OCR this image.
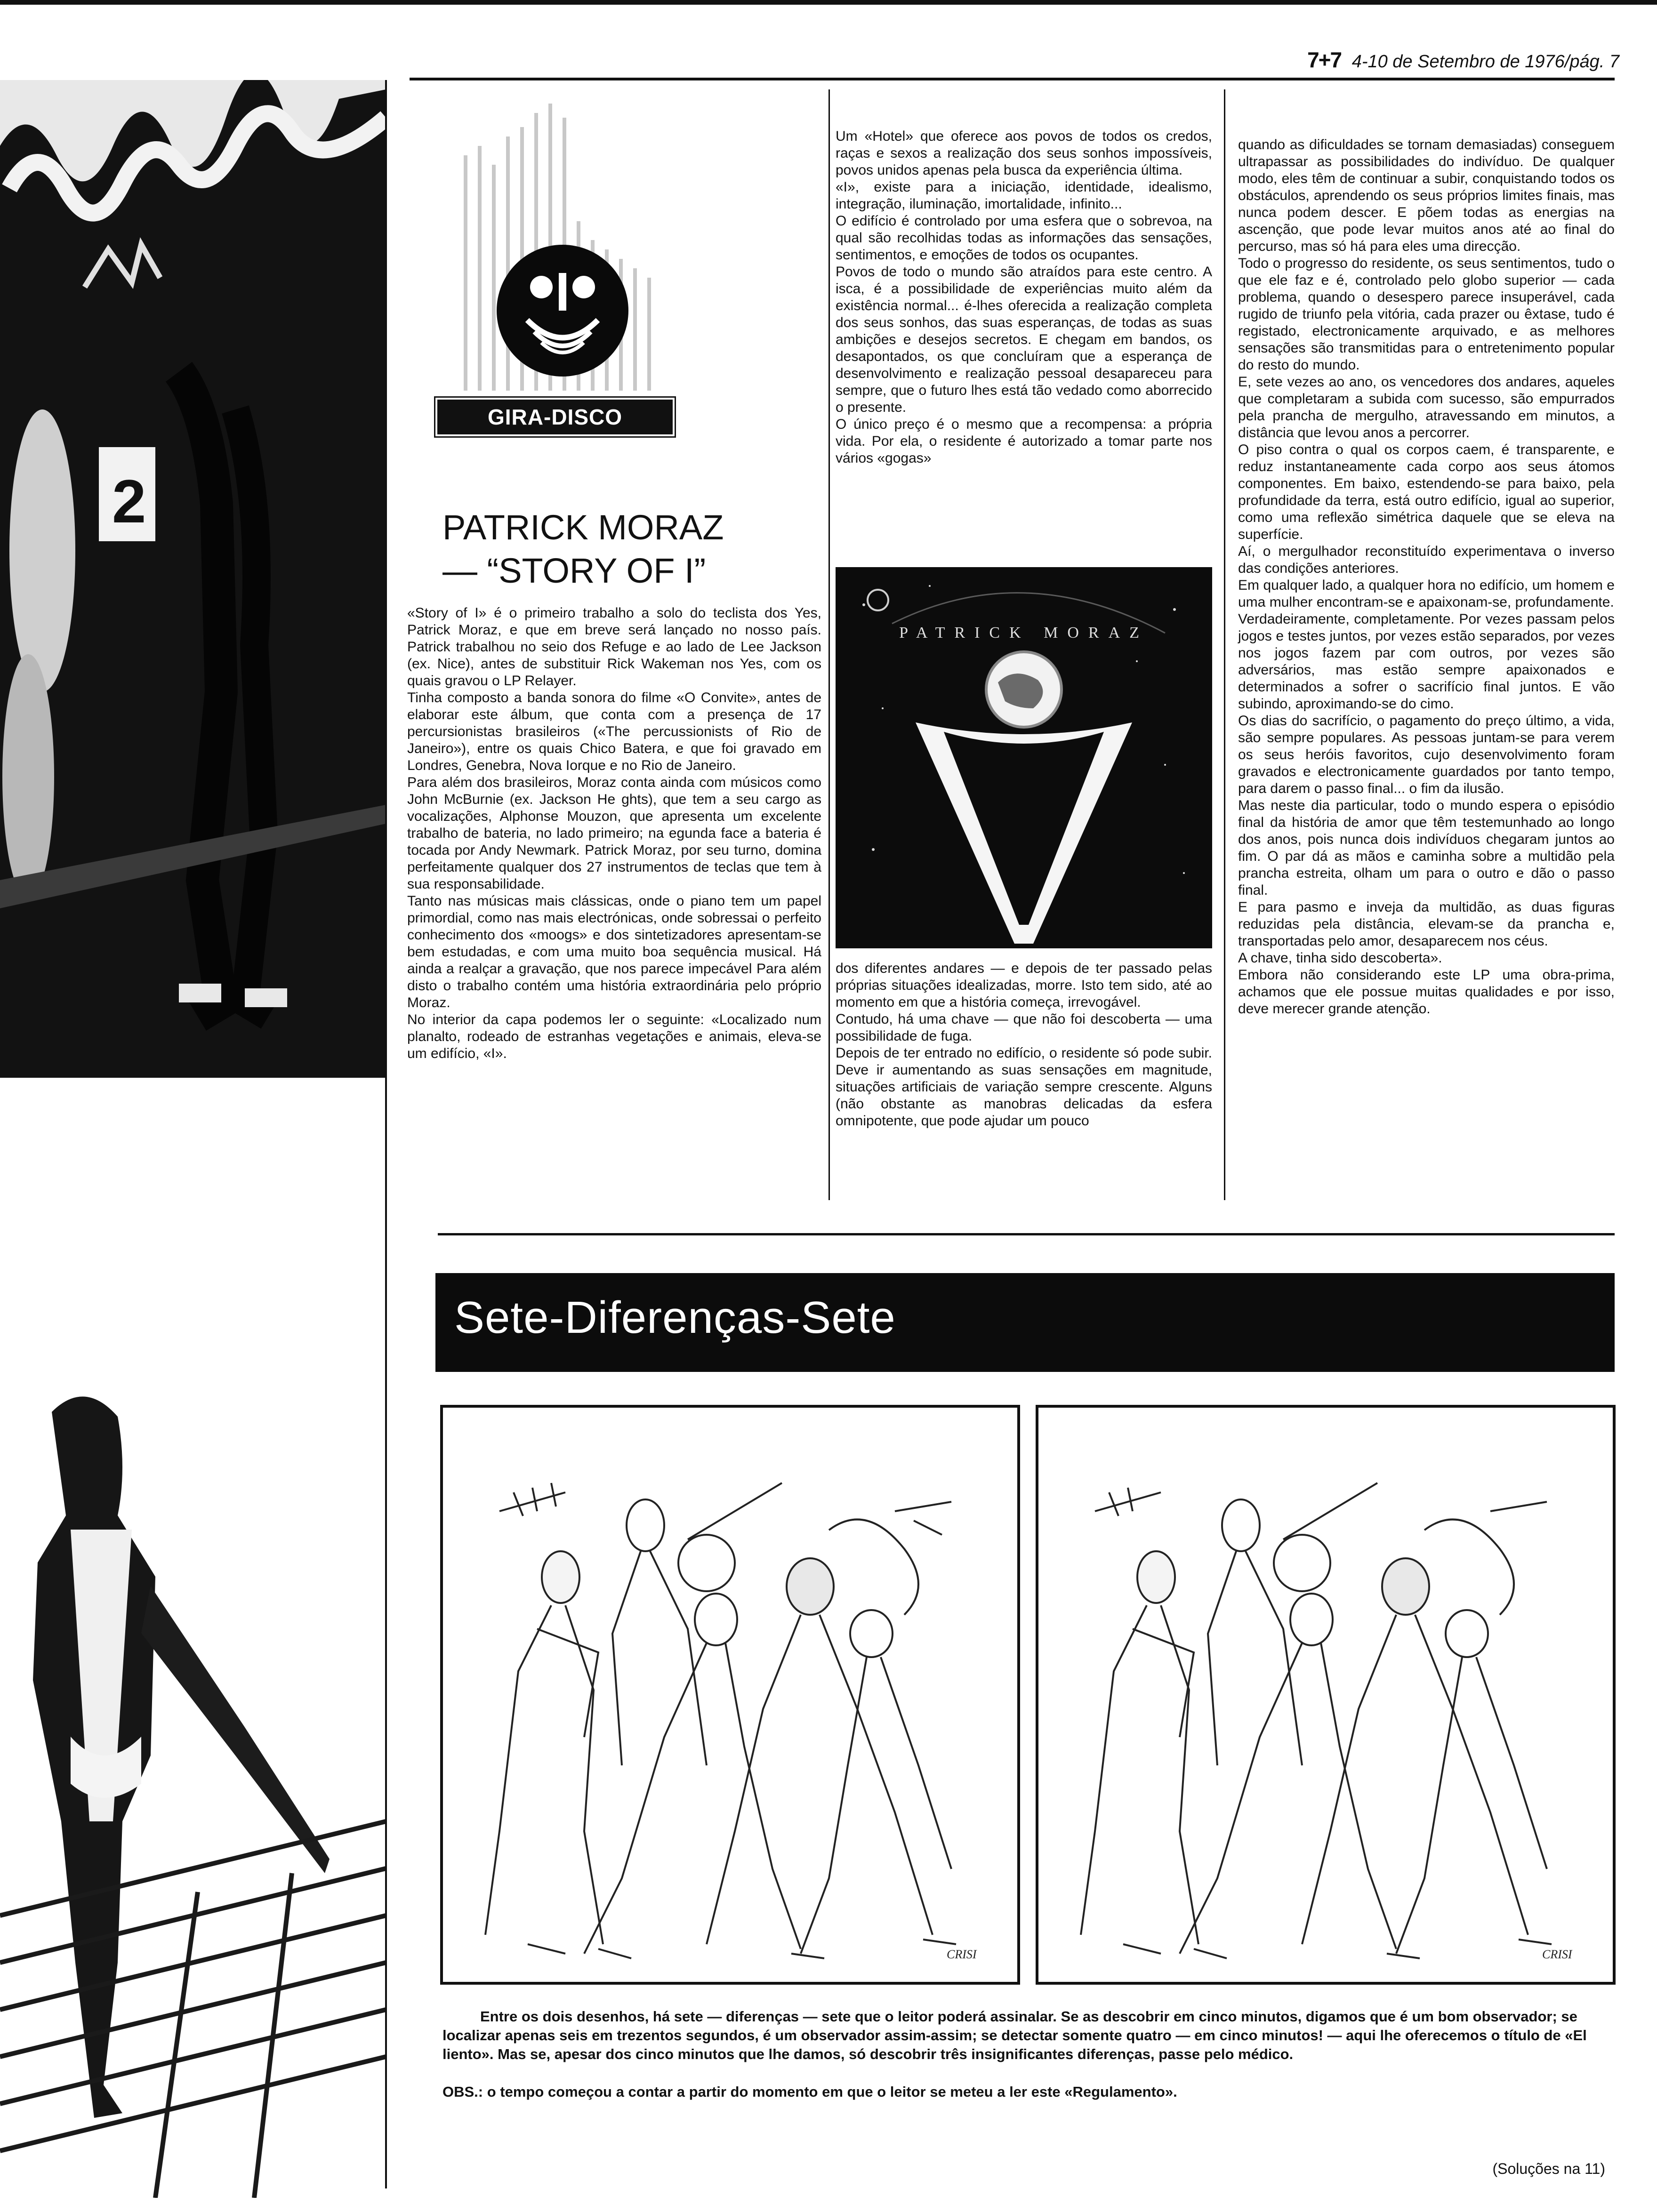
7+7 4-10 de Setembro de 1976/pág. 7
2
GIRA-DISCO
PATRICK MORAZ
— “STORY OF I”

«Story of I» é o primeiro trabalho a solo do teclista dos Yes, Patrick Moraz, e que em breve será lançado no nosso país. Patrick trabalhou no seio dos Refuge e ao lado de Lee Jackson (ex. Nice), antes de substituir Rick Wakeman nos Yes, com os quais gravou o LP Relayer.

Tinha composto a banda sonora do filme «O Convite», antes de elaborar este álbum, que conta com a presença de 17 percursionistas brasileiros («The percussionists of Rio de Janeiro»), entre os quais Chico Batera, e que foi gravado em Londres, Genebra, Nova Iorque e no Rio de Janeiro.

Para além dos brasileiros, Moraz conta ainda com músicos como John McBurnie (ex. Jackson He ghts), que tem a seu cargo as vocalizações, Alphonse Mouzon, que apresenta um excelente trabalho de bateria, no lado primeiro; na egunda face a bateria é tocada por Andy Newmark. Patrick Moraz, por seu turno, domina perfeitamente qualquer dos 27 instrumentos de teclas que tem à sua responsabilidade.

Tanto nas músicas mais clássicas, onde o piano tem um papel primordial, como nas mais electrónicas, onde sobressai o perfeito conhecimento dos «moogs» e dos sintetizadores apresentam-se bem estudadas, e com uma muito boa sequência musical. Há ainda a realçar a gravação, que nos parece impecável Para além disto o trabalho contém uma história extraordinária pelo próprio Moraz.

No interior da capa podemos ler o seguinte: «Localizado num planalto, rodeado de estranhas vegetações e animais, eleva-se um edifício, «I».

Um «Hotel» que oferece aos povos de todos os credos, raças e sexos a realização dos seus sonhos impossíveis, povos unidos apenas pela busca da experiência última.

«I», existe para a iniciação, identidade, idealismo, integração, iluminação, imortalidade, infinito...

O edifício é controlado por uma esfera que o sobrevoa, na qual são recolhidas todas as informações das sensações, sentimentos, e emoções de todos os ocupantes.

Povos de todo o mundo são atraídos para este centro. A isca, é a possibilidade de experiências muito além da existência normal... é-lhes oferecida a realização completa dos seus sonhos, das suas esperanças, de todas as suas ambições e desejos secretos. E chegam em bandos, os desapontados, os que concluíram que a esperança de desenvolvimento e realização pessoal desapareceu para sempre, que o futuro lhes está tão vedado como aborrecido o presente.

O único preço é o mesmo que a recompensa: a própria vida. Por ela, o residente é autorizado a tomar parte nos vários «gogas»

PATRICK MORAZ

dos diferentes andares — e depois de ter passado pelas próprias situações idealizadas, morre. Isto tem sido, até ao momento em que a história começa, irrevogável.

Contudo, há uma chave — que não foi descoberta — uma possibilidade de fuga.

Depois de ter entrado no edifício, o residente só pode subir. Deve ir aumentando as suas sensações em magnitude, situações artificiais de variação sempre crescente. Alguns (não obstante as manobras delicadas da esfera omnipotente, que pode ajudar um pouco

quando as dificuldades se tornam demasiadas) conseguem ultrapassar as possibilidades do indivíduo. De qualquer modo, eles têm de continuar a subir, conquistando todos os obstáculos, aprendendo os seus próprios limites finais, mas nunca podem descer. E põem todas as energias na ascenção, que pode levar muitos anos até ao final do percurso, mas só há para eles uma direcção.

Todo o progresso do residente, os seus sentimentos, tudo o que ele faz e é, controlado pelo globo superior — cada problema, quando o desespero parece insuperável, cada rugido de triunfo pela vitória, cada prazer ou êxtase, tudo é registado, electronicamente arquivado, e as melhores sensações são transmitidas para o entretenimento popular do resto do mundo.

E, sete vezes ao ano, os vencedores dos andares, aqueles que completaram a subida com sucesso, são empurrados pela prancha de mergulho, atravessando em minutos, a distância que levou anos a percorrer.

O piso contra o qual os corpos caem, é transparente, e reduz instantaneamente cada corpo aos seus átomos componentes. Em baixo, estendendo-se para baixo, pela profundidade da terra, está outro edifício, igual ao superior, como uma reflexão simétrica daquele que se eleva na superfície.

Aí, o mergulhador reconstituído experimentava o inverso das condições anteriores.

Em qualquer lado, a qualquer hora no edifício, um homem e uma mulher encontram-se e apaixonam-se, profundamente.

Verdadeiramente, completamente. Por vezes passam pelos jogos e testes juntos, por vezes estão separados, por vezes nos jogos fazem par com outros, por vezes são adversários, mas estão sempre apaixonados e determinados a sofrer o sacrifício final juntos. E vão subindo, aproximando-se do cimo.

Os dias do sacrifício, o pagamento do preço último, a vida, são sempre populares. As pessoas juntam-se para verem os seus heróis favoritos, cujo desenvolvimento foram gravados e electronicamente guardados por tanto tempo, para darem o passo final... o fim da ilusão.

Mas neste dia particular, todo o mundo espera o episódio final da história de amor que têm testemunhado ao longo dos anos, pois nunca dois indivíduos chegaram juntos ao fim. O par dá as mãos e caminha sobre a multidão pela prancha estreita, olham um para o outro e dão o passo final.

E para pasmo e inveja da multidão, as duas figuras reduzidas pela distância, elevam-se da prancha e, transportadas pelo amor, desaparecem nos céus.

A chave, tinha sido descoberta».

Embora não considerando este LP uma obra-prima, achamos que ele possue muitas qualidades e por isso, deve merecer grande atenção.

Sete-Diferenças-Sete
CRISI	CRISI

Entre os dois desenhos, há sete — diferenças — sete que o leitor poderá assinalar. Se as descobrir em cinco minutos, digamos que é um bom observador; se localizar apenas seis em trezentos segundos, é um observador assim-assim; se detectar somente quatro — em cinco minutos! — aqui lhe oferecemos o título de «El liento». Mas se, apesar dos cinco minutos que lhe damos, só descobrir três insignificantes diferenças, passe pelo médico.

OBS.: o tempo começou a contar a partir do momento em que o leitor se meteu a ler este «Regulamento».
(Soluções na 11)
